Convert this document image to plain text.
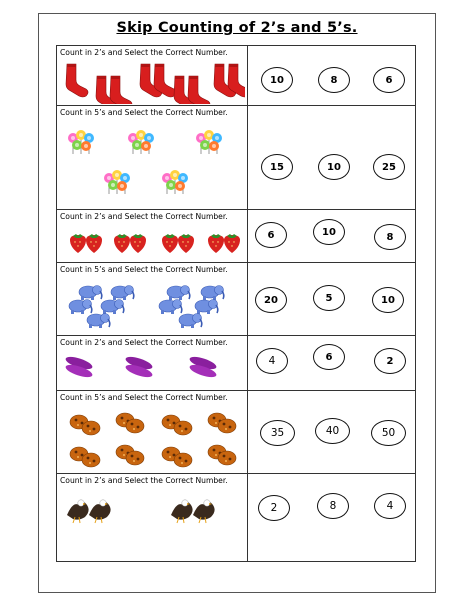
Skip Counting of 2’s and 5’s.
Count in 2’s and Select the Correct Number.
10	8	6
Count in 5’s and Select the Correct Number.
15	10	25
Count in 2’s and Select the Correct Number.
6	10	8
Count in 5’s and Select the Correct Number.
20	5	10
Count in 2’s and Select the Correct Number.
4	6	2
Count in 5’s and Select the Correct Number.
35	40	50
Count in 2’s and Select the Correct Number.
2	8	4
